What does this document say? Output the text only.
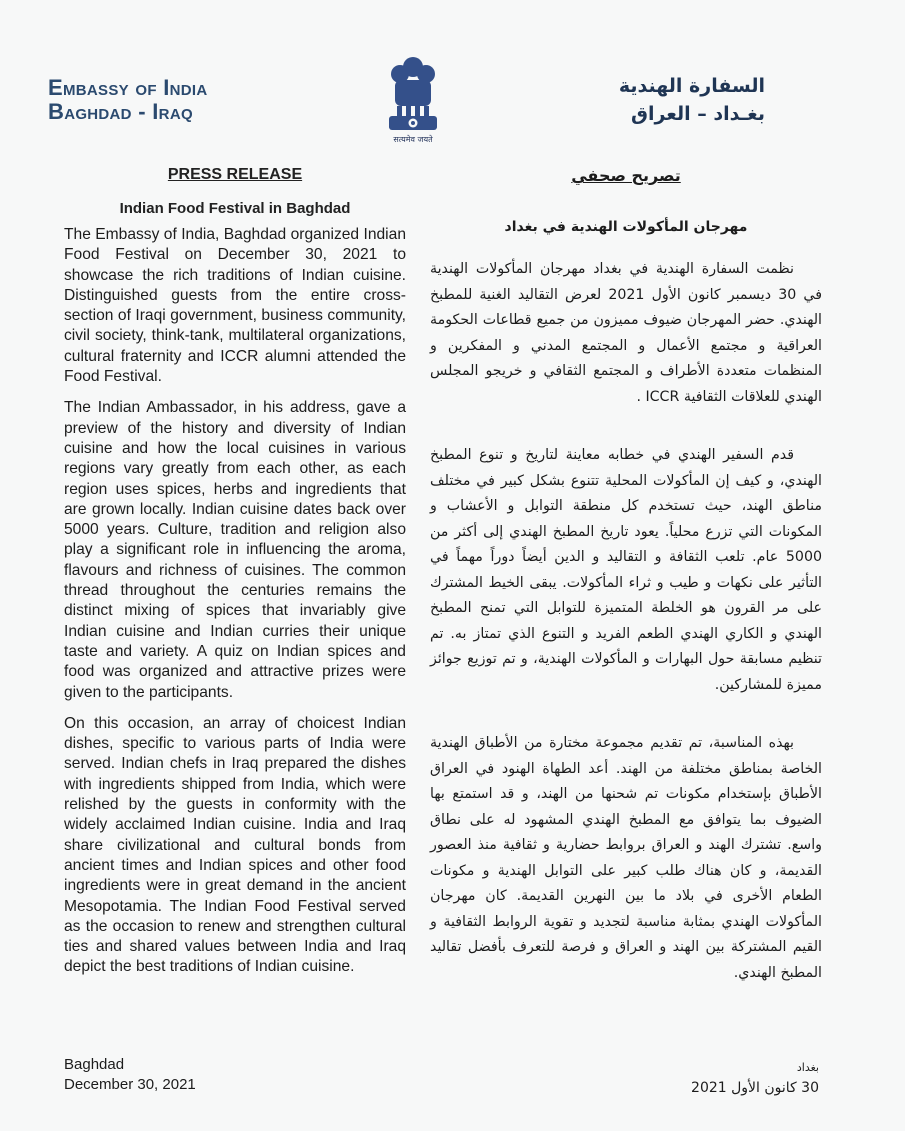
Embassy of India
Baghdad - Iraq
सत्यमेव जयते
السفارة الهندية
بغـداد – العراق
PRESS RELEASE
Indian Food Festival in Baghdad

The Embassy of India, Baghdad organized Indian Food Festival on December 30, 2021 to showcase the rich traditions of Indian cuisine. Distinguished guests from the entire cross-section of Iraqi government, business community, civil society, think-tank, multilateral organizations, cultural fraternity and ICCR alumni attended the Food Festival.

The Indian Ambassador, in his address, gave a preview of the history and diversity of Indian cuisine and how the local cuisines in various regions vary greatly from each other, as each region uses spices, herbs and ingredients that are grown locally. Indian cuisine dates back over 5000 years. Culture, tradition and religion also play a significant role in influencing the aroma, flavours and richness of cuisines. The common thread throughout the centuries remains the distinct mixing of spices that invariably give Indian cuisine and Indian curries their unique taste and variety. A quiz on Indian spices and food was organized and attractive prizes were given to the participants.

On this occasion, an array of choicest Indian dishes, specific to various parts of India were served. Indian chefs in Iraq prepared the dishes with ingredients shipped from India, which were relished by the guests in conformity with the widely acclaimed Indian cuisine. India and Iraq share civilizational and cultural bonds from ancient times and Indian spices and other food ingredients were in great demand in the ancient Mesopotamia. The Indian Food Festival served as the occasion to renew and strengthen cultural ties and shared values between India and Iraq depict the best traditions of Indian cuisine.

تصريح صحفي
مهرجان المأكولات الهندية في بغداد

نظمت السفارة الهندية في بغداد مهرجان المأكولات الهندية في 30 ديسمبر كانون الأول 2021 لعرض التقاليد الغنية للمطبخ الهندي. حضر المهرجان ضيوف مميزون من جميع قطاعات الحكومة العراقية و مجتمع الأعمال و المجتمع المدني و المفكرين و المنظمات متعددة الأطراف و المجتمع الثقافي و خريجو المجلس الهندي للعلاقات الثقافية ICCR .

قدم السفير الهندي في خطابه معاينة لتاريخ و تنوع المطبخ الهندي، و كيف إن المأكولات المحلية تتنوع بشكل كبير في مختلف مناطق الهند، حيث تستخدم كل منطقة التوابل و الأعشاب و المكونات التي تزرع محلياً. يعود تاريخ المطبخ الهندي إلى أكثر من 5000 عام. تلعب الثقافة و التقاليد و الدين أيضاً دوراً مهماً في التأثير على نكهات و طيب و ثراء المأكولات. يبقى الخيط المشترك على مر القرون هو الخلطة المتميزة للتوابل التي تمنح المطبخ الهندي و الكاري الهندي الطعم الفريد و التنوع الذي تمتاز به. تم تنظيم مسابقة حول البهارات و المأكولات الهندية، و تم توزيع جوائز مميزة للمشاركين.

بهذه المناسبة، تم تقديم مجموعة مختارة من الأطباق الهندية الخاصة بمناطق مختلفة من الهند. أعد الطهاة الهنود في العراق الأطباق بإستخدام مكونات تم شحنها من الهند، و قد استمتع بها الضيوف بما يتوافق مع المطبخ الهندي المشهود له على نطاق واسع. تشترك الهند و العراق بروابط حضارية و ثقافية منذ العصور القديمة، و كان هناك طلب كبير على التوابل الهندية و مكونات الطعام الأخرى في بلاد ما بين النهرين القديمة. كان مهرجان المأكولات الهندي بمثابة مناسبة لتجديد و تقوية الروابط الثقافية و القيم المشتركة بين الهند و العراق و فرصة للتعرف بأفضل تقاليد المطبخ الهندي.

Baghdad
December 30, 2021
بغداد
30 كانون الأول 2021
